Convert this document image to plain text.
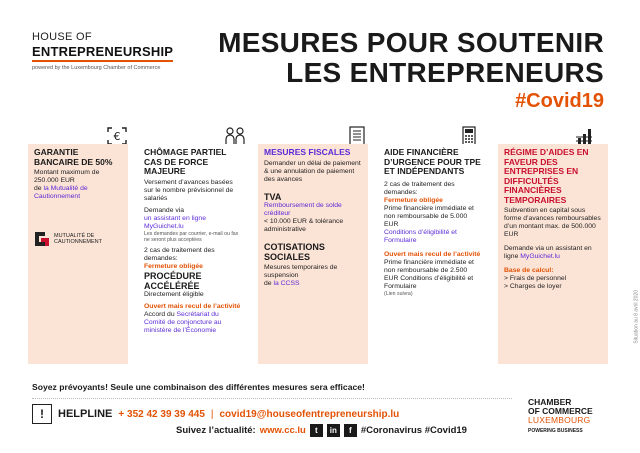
HOUSE OF
ENTREPRENEURSHIP
powered by the Luxembourg Chamber of Commerce
MESURES POUR SOUTENIR
LES ENTREPRENEURS
#Covid19
€
GARANTIE BANCAIRE DE 50%
Montant maximum de 250.000 EUR
de la Mutualité de Cautionnement
MUTUALITÉ DE
CAUTIONNEMENT
CHÔMAGE PARTIEL CAS DE FORCE MAJEURE
Versement d’avances basées sur le nombre prévisionnel de salariés
Demande via
un assistant en ligne MyGuichet.lu
Les demandes par courrier, e-mail ou fax ne seront plus acceptées
2 cas de traitement des demandes:
Fermeture obligée
PROCÉDURE ACCÉLÉRÉE
Directement éligible
Ouvert mais recul de l’activité
Accord du Secrétariat du Comité de conjoncture au ministère de l’Économie
MESURES FISCALES
Demander un délai de paiement & une annulation de paiement des avances
TVA
Remboursement de solde créditeur
< 10.000 EUR & tolérance administrative
COTISATIONS SOCIALES
Mesures temporaires de suspension
de la CCSS
AIDE FINANCIÈRE D’URGENCE POUR TPE ET INDÉPENDANTS
2 cas de traitement des demandes:
Fermeture obligée
Prime financière immédiate et non remboursable de 5.000 EUR
Conditions d’éligibilité et Formulaire
Ouvert mais recul de l’activité
Prime financière immédiate et non remboursable de 2.500 EUR Conditions d’éligibilité et Formulaire
(Lien suivra)
RÉGIME D’AIDES EN FAVEUR DES ENTREPRISES EN DIFFICULTÉS FINANCIÈRES TEMPORAIRES
Subvention en capital sous forme d’avances remboursables d’un montant max. de 500.000 EUR
Demande via un assistant en ligne MyGuichet.lu
Base de calcul:
> Frais de personnel
> Charges de loyer
Situation au 8 avril 2020
Soyez prévoyants! Seule une combinaison des différentes mesures sera efficace!
!	HELPLINE + 352 42 39 39 445 | covid19@houseofentrepreneurship.lu
Suivez l’actualité: www.cc.lu	t	in	f #Coronavirus #Covid19
CHAMBER
OF COMMERCE
LUXEMBOURG
POWERING BUSINESS
